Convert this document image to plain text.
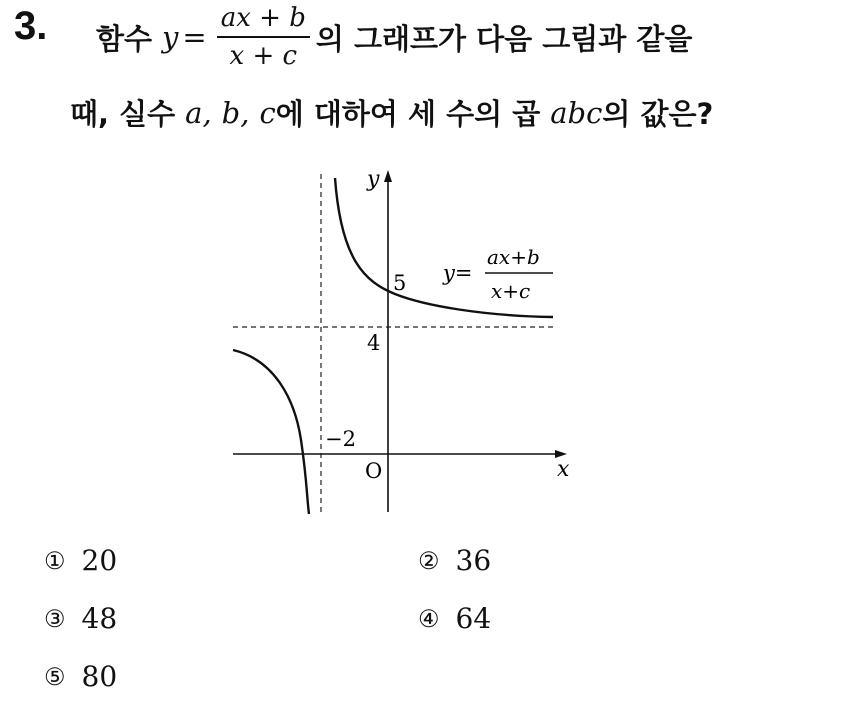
3. 함수 $y = \frac{ax + b}{x + c}$ 의 그래프가 다음 그림과 같을
때, 실수 a, b, c 에 대하여 세 수의 곱 abc 의 값은?
y
x
O
−2
4
5 y=
ax+b
x+c
① 20	② 36
③ 48	④ 64
⑤ 80
